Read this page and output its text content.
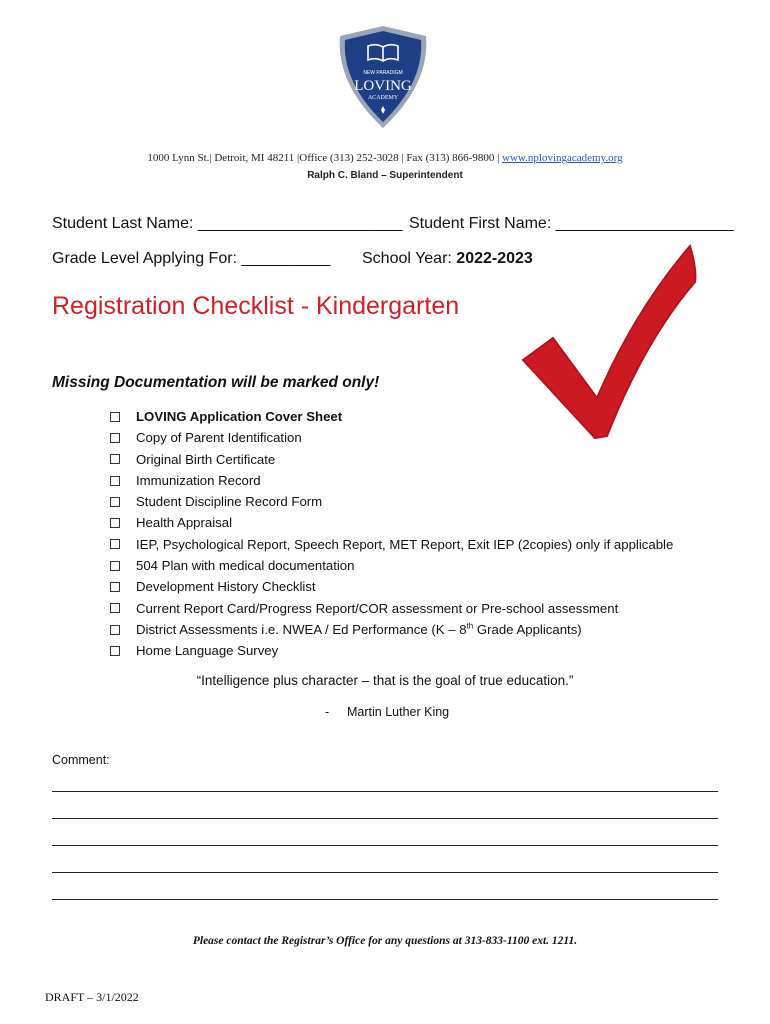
NEW PARADIGM
LOVING
ACADEMY
1000 Lynn St.| Detroit, MI 48211 |Office (313) 252-3028 | Fax (313) 866-9800 | www.nplovingacademy.org
Ralph C. Bland – Superintendent
Student Last Name: _______________________ Student First Name: ____________________
Grade Level Applying For: __________ School Year: 2022-2023
Registration Checklist - Kindergarten
Missing Documentation will be marked only!
LOVING Application Cover Sheet
Copy of Parent Identification
Original Birth Certificate
Immunization Record
Student Discipline Record Form
Health Appraisal
IEP, Psychological Report, Speech Report, MET Report, Exit IEP (2copies) only if applicable
504 Plan with medical documentation
Development History Checklist
Current Report Card/Progress Report/COR assessment or Pre-school assessment
District Assessments i.e. NWEA / Ed Performance (K – 8th Grade Applicants)
Home Language Survey
“Intelligence plus character – that is the goal of true education.”
- Martin Luther King
Comment:
Please contact the Registrar’s Office for any questions at 313-833-1100 ext. 1211.
DRAFT – 3/1/2022
